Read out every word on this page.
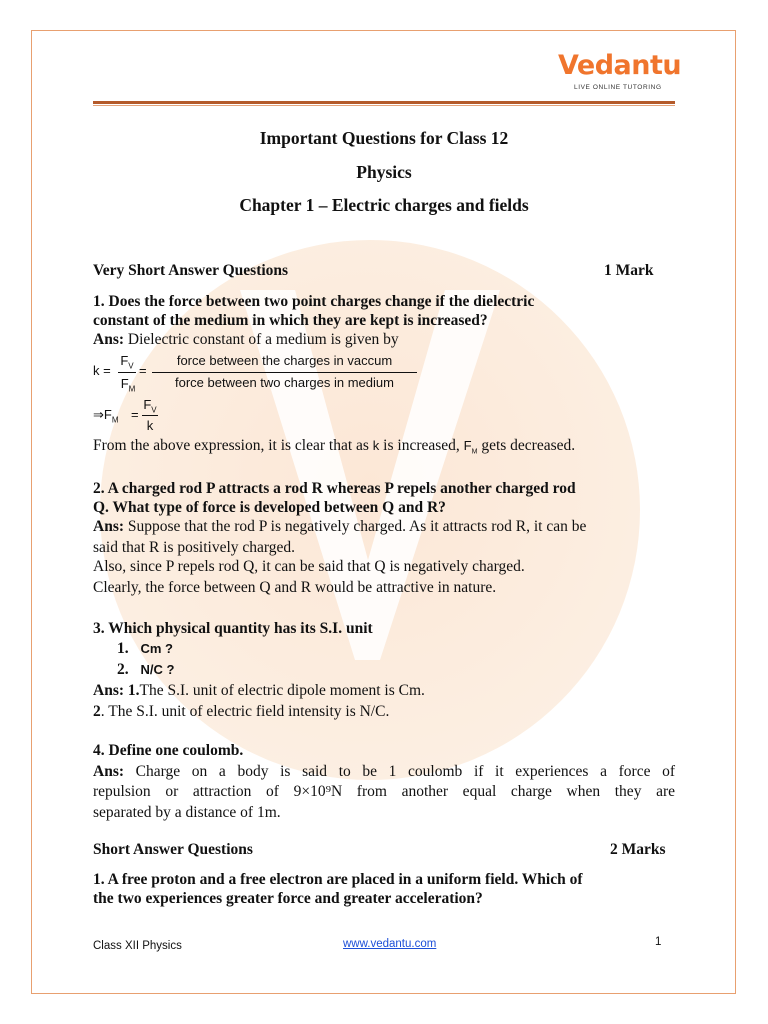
Vedantu
LIVE ONLINE TUTORING
Important Questions for Class 12
Physics
Chapter 1 – Electric charges and fields
Very Short Answer Questions	1 Mark
1. Does the force between two point charges change if the dielectric
constant of the medium in which they are kept is increased?
Ans: Dielectric constant of a medium is given by
k =
$F_V$
$F_M$
=
force between the charges in vaccum
force between two charges in medium
$\Rightarrow F_M$ =
$F_V$
k
From the above expression, it is clear that as k is increased, $F_M$ gets decreased.
2. A charged rod P attracts a rod R whereas P repels another charged rod
Q. What type of force is developed between Q and R?
Ans: Suppose that the rod P is negatively charged. As it attracts rod R, it can be
said that R is positively charged.
Also, since P repels rod Q, it can be said that Q is negatively charged.
Clearly, the force between Q and R would be attractive in nature.
3. Which physical quantity has its S.I. unit
1. Cm ?
2. N/C ?
Ans: 1.The S.I. unit of electric dipole moment is Cm.
2. The S.I. unit of electric field intensity is N/C.
4. Define one coulomb.
Ans: Charge on a body is said to be 1 coulomb if it experiences a force of
repulsion or attraction of 9×10⁹N from another equal charge when they are
separated by a distance of 1m.
Short Answer Questions	2 Marks
1. A free proton and a free electron are placed in a uniform field. Which of
the two experiences greater force and greater acceleration?
Class XII Physics	www.vedantu.com	1
